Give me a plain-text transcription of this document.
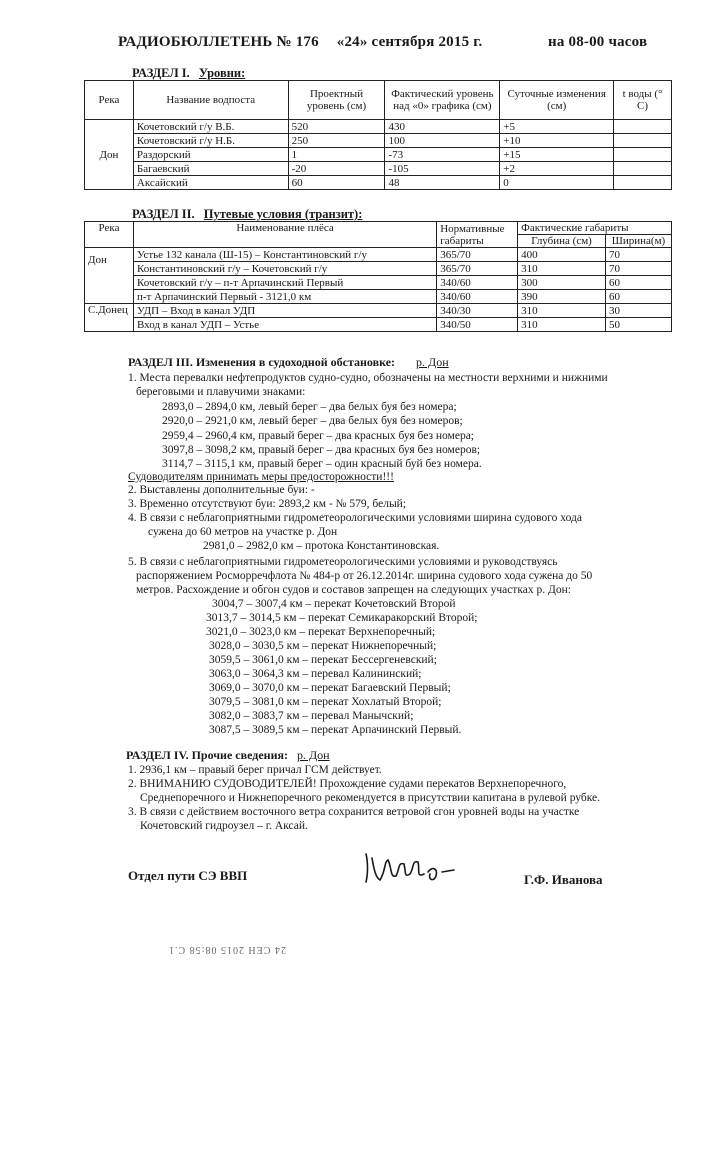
РАДИОБЮЛЛЕТЕНЬ № 176 «24» сентября 2015 г.	на 08-00 часов
РАЗДЕЛ I. Уровни:
Река	Название водпоста	Проектный уровень (см)	Фактический уровень над «0» графика (см)	Суточные изменения (см)	t воды (° С)
Дон	Кочетовский г/у В.Б.	520	430	+5	
	Кочетовский г/у Н.Б.	250	100	+10	
	Раздорский	1	-73	+15	
	Багаевский	-20	-105	+2	
	Аксайский	60	48	0	
РАЗДЕЛ II. Путевые условия (транзит):
Река	Наименование плёса	Нормативные габариты	Фактические габариты	
			Глубина (см)	Ширина(м)
Дон	Устье 132 канала (Ш-15) – Константиновский г/у	365/70	400	70
	Константиновский г/у – Кочетовский г/у	365/70	310	70
	Кочетовский г/у – п-т Арпачинский Первый	340/60	300	60
	п-т Арпачинский Первый - 3121,0 км	340/60	390	60
С.Донец	УДП – Вход в канал УДП	340/30	310	30
	Вход в канал УДП – Устье	340/50	310	50
РАЗДЕЛ III. Изменения в судоходной обстановке: р. Дон
1. Места перевалки нефтепродуктов судно-судно, обозначены на местности верхними и нижними
береговыми и плавучими знаками:
2893,0 – 2894,0 км, левый берег – два белых буя без номера;
2920,0 – 2921,0 км, левый берег – два белых буя без номеров;
2959,4 – 2960,4 км, правый берег – два красных буя без номера;
3097,8 – 3098,2 км, правый берег – два красных буя без номеров;
3114,7 – 3115,1 км, правый берег – один красный буй без номера.
Судоводителям принимать меры предосторожности!!!
2. Выставлены дополнительные буи: -
3. Временно отсутствуют буи: 2893,2 км - № 579, белый;
4. В связи с неблагоприятными гидрометеорологическими условиями ширина судового хода
сужена до 60 метров на участке р. Дон
2981,0 – 2982,0 км – протока Константиновская.
5. В связи с неблагоприятными гидрометеорологическими условиями и руководствуясь
распоряжением Росморречфлота № 484-р от 26.12.2014г. ширина судового хода сужена до 50
метров. Расхождение и обгон судов и составов запрещен на следующих участках р. Дон:
3004,7 – 3007,4 км – перекат Кочетовский Второй
3013,7 – 3014,5 км – перекат Семикаракорский Второй;
3021,0 – 3023,0 км – перекат Верхнепоречный;
3028,0 – 3030,5 км – перекат Нижнепоречный;
3059,5 – 3061,0 км – перекат Бессергеневский;
3063,0 – 3064,3 км – перевал Калининский;
3069,0 – 3070,0 км – перекат Багаевский Первый;
3079,5 – 3081,0 км – перекат Хохлатый Второй;
3082,0 – 3083,7 км – перевал Манычский;
3087,5 – 3089,5 км – перекат Арпачинский Первый.
РАЗДЕЛ IV. Прочие сведения: р. Дон
1. 2936,1 км – правый берег причал ГСМ действует.
2. ВНИМАНИЮ СУДОВОДИТЕЛЕЙ! Прохождение судами перекатов Верхнепоречного,
Среднепоречного и Нижнепоречного рекомендуется в присутствии капитана в рулевой рубке.
3. В связи с действием восточного ветра сохранится ветровой сгон уровней воды на участке
Кочетовский гидроузел – г. Аксай.
Отдел пути СЭ ВВП	Г.Ф. Иванова
24 СЕН 2015 08:58 С.1
